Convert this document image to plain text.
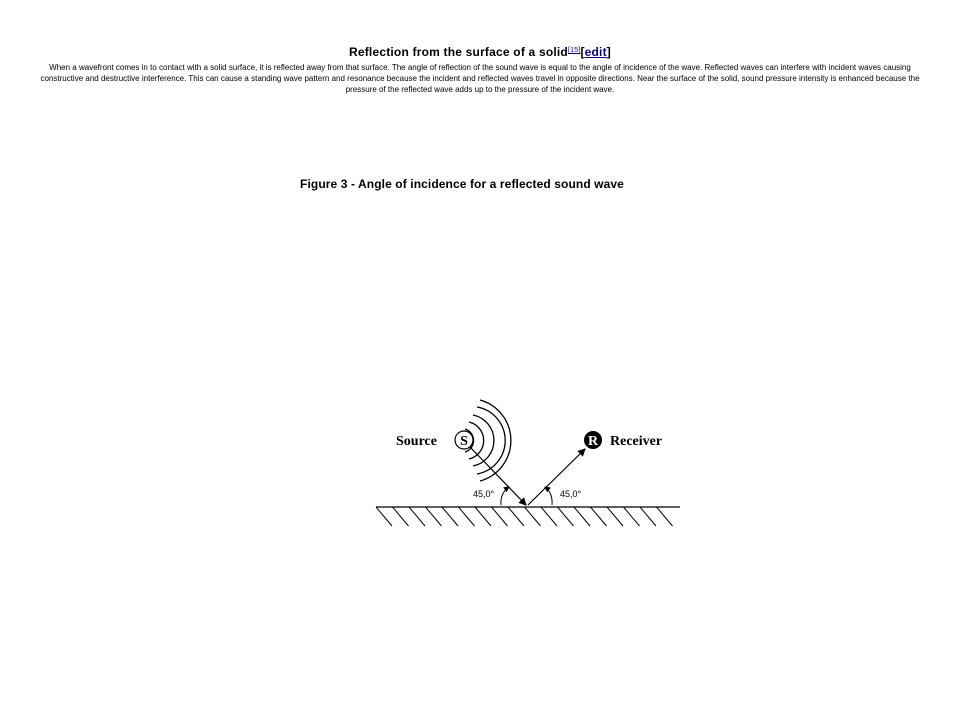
Reflection from the surface of a solid[15][edit]

When a wavefront comes in to contact with a solid surface, it is reflected away from that surface. The angle of reflection of the sound wave is equal to the angle of incidence of the wave. Reflected waves can interfere with incident waves causing constructive and destructive interference. This can cause a standing wave pattern and resonance because the incident and reflected waves travel in opposite directions. Near the surface of the solid, sound pressure intensity is enhanced because the pressure of the reflected wave adds up to the pressure of the incident wave.

Figure 3 - Angle of incidence for a reflected sound wave
S
Source	R Receiver
45,0°	45,0°
